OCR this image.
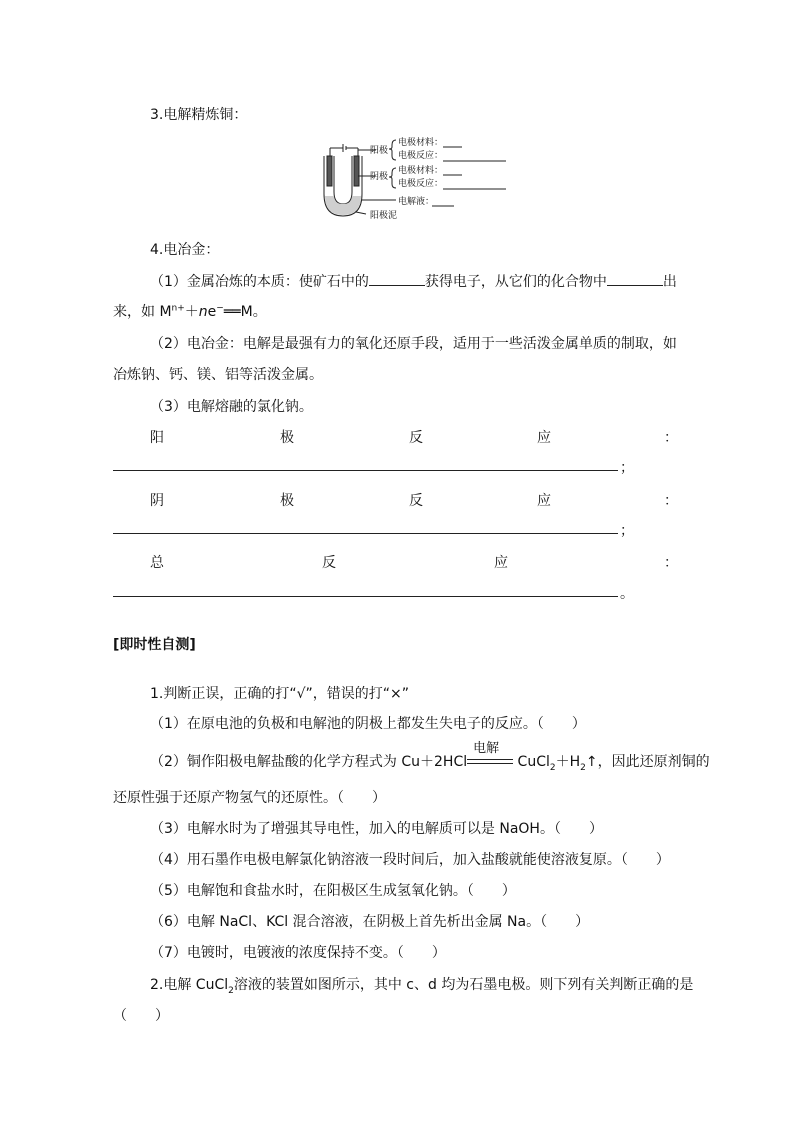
3.电解精炼铜：
阳极
阴极
电极材料：
电极反应：
电极材料：
电极反应：
电解液：
阳极泥
4.电冶金：
（1）金属冶炼的本质：使矿石中的	获得电子，从它们的化合物中	出
来，如 $M^{n+}+ne^-══M$。
（2）电冶金：电解是最强有力的氧化还原手段，适用于一些活泼金属单质的制取，如
冶炼钠、钙、镁、铝等活泼金属。
（3）电解熔融的氯化钠。
阳	极	反	应	：
；
阴	极	反	应	：
；
总	反	应	：
。
[即时性自测]
1.判断正误，正确的打“√”，错误的打“×”
（1）在原电池的负极和电解池的阴极上都发生失电子的反应。（　　）
（2）铜作阳极电解盐酸的化学方程式为 Cu＋2HCl
电解
$CuCl_2+H_2↑$，因此还原剂铜的
还原性强于还原产物氢气的还原性。（　　）
（3）电解水时为了增强其导电性，加入的电解质可以是 NaOH。（　　）
（4）用石墨作电极电解氯化钠溶液一段时间后，加入盐酸就能使溶液复原。（　　）
（5）电解饱和食盐水时，在阳极区生成氢氧化钠。（　　）
（6）电解 NaCl、KCl 混合溶液，在阴极上首先析出金属 Na。（　　）
（7）电镀时，电镀液的浓度保持不变。（　　）
2.电解 CuCl$_2$溶液的装置如图所示，其中 c、d 均为石墨电极。则下列有关判断正确的是
（　　）
